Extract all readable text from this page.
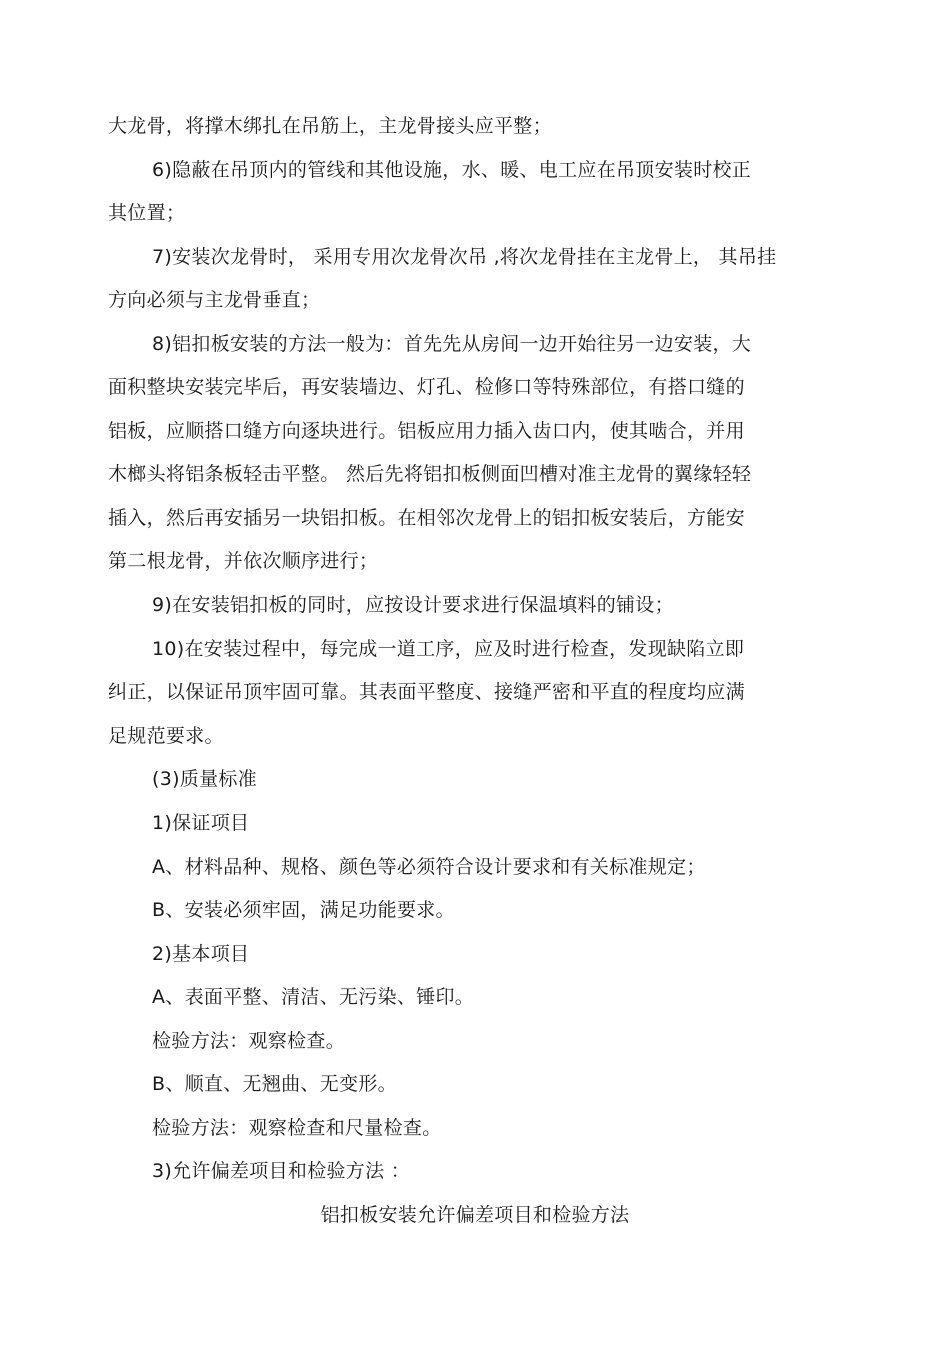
大龙骨，将撑木绑扎在吊筋上，主龙骨接头应平整；
6)隐蔽在吊顶内的管线和其他设施，水、暖、电工应在吊顶安装时校正
其位置；
7)安装次龙骨时， 采用专用次龙骨次吊 ,将次龙骨挂在主龙骨上， 其吊挂
方向必须与主龙骨垂直；
8)铝扣板安装的方法一般为：首先先从房间一边开始往另一边安装，大
面积整块安装完毕后，再安装墙边、灯孔、检修口等特殊部位，有搭口缝的
铝板，应顺搭口缝方向逐块进行。铝板应用力插入齿口内，使其啮合，并用
木榔头将铝条板轻击平整。 然后先将铝扣板侧面凹槽对准主龙骨的翼缘轻轻
插入，然后再安插另一块铝扣板。在相邻次龙骨上的铝扣板安装后，方能安
第二根龙骨，并依次顺序进行；
9)在安装铝扣板的同时，应按设计要求进行保温填料的铺设；
10)在安装过程中，每完成一道工序，应及时进行检查，发现缺陷立即
纠正，以保证吊顶牢固可靠。其表面平整度、接缝严密和平直的程度均应满
足规范要求。
(3)质量标准
1)保证项目
A、材料品种、规格、颜色等必须符合设计要求和有关标准规定；
B、安装必须牢固，满足功能要求。
2)基本项目
A、表面平整、清洁、无污染、锤印。
检验方法：观察检查。
B、顺直、无翘曲、无变形。
检验方法：观察检查和尺量检查。
3)允许偏差项目和检验方法 ：
铝扣板安装允许偏差项目和检验方法
